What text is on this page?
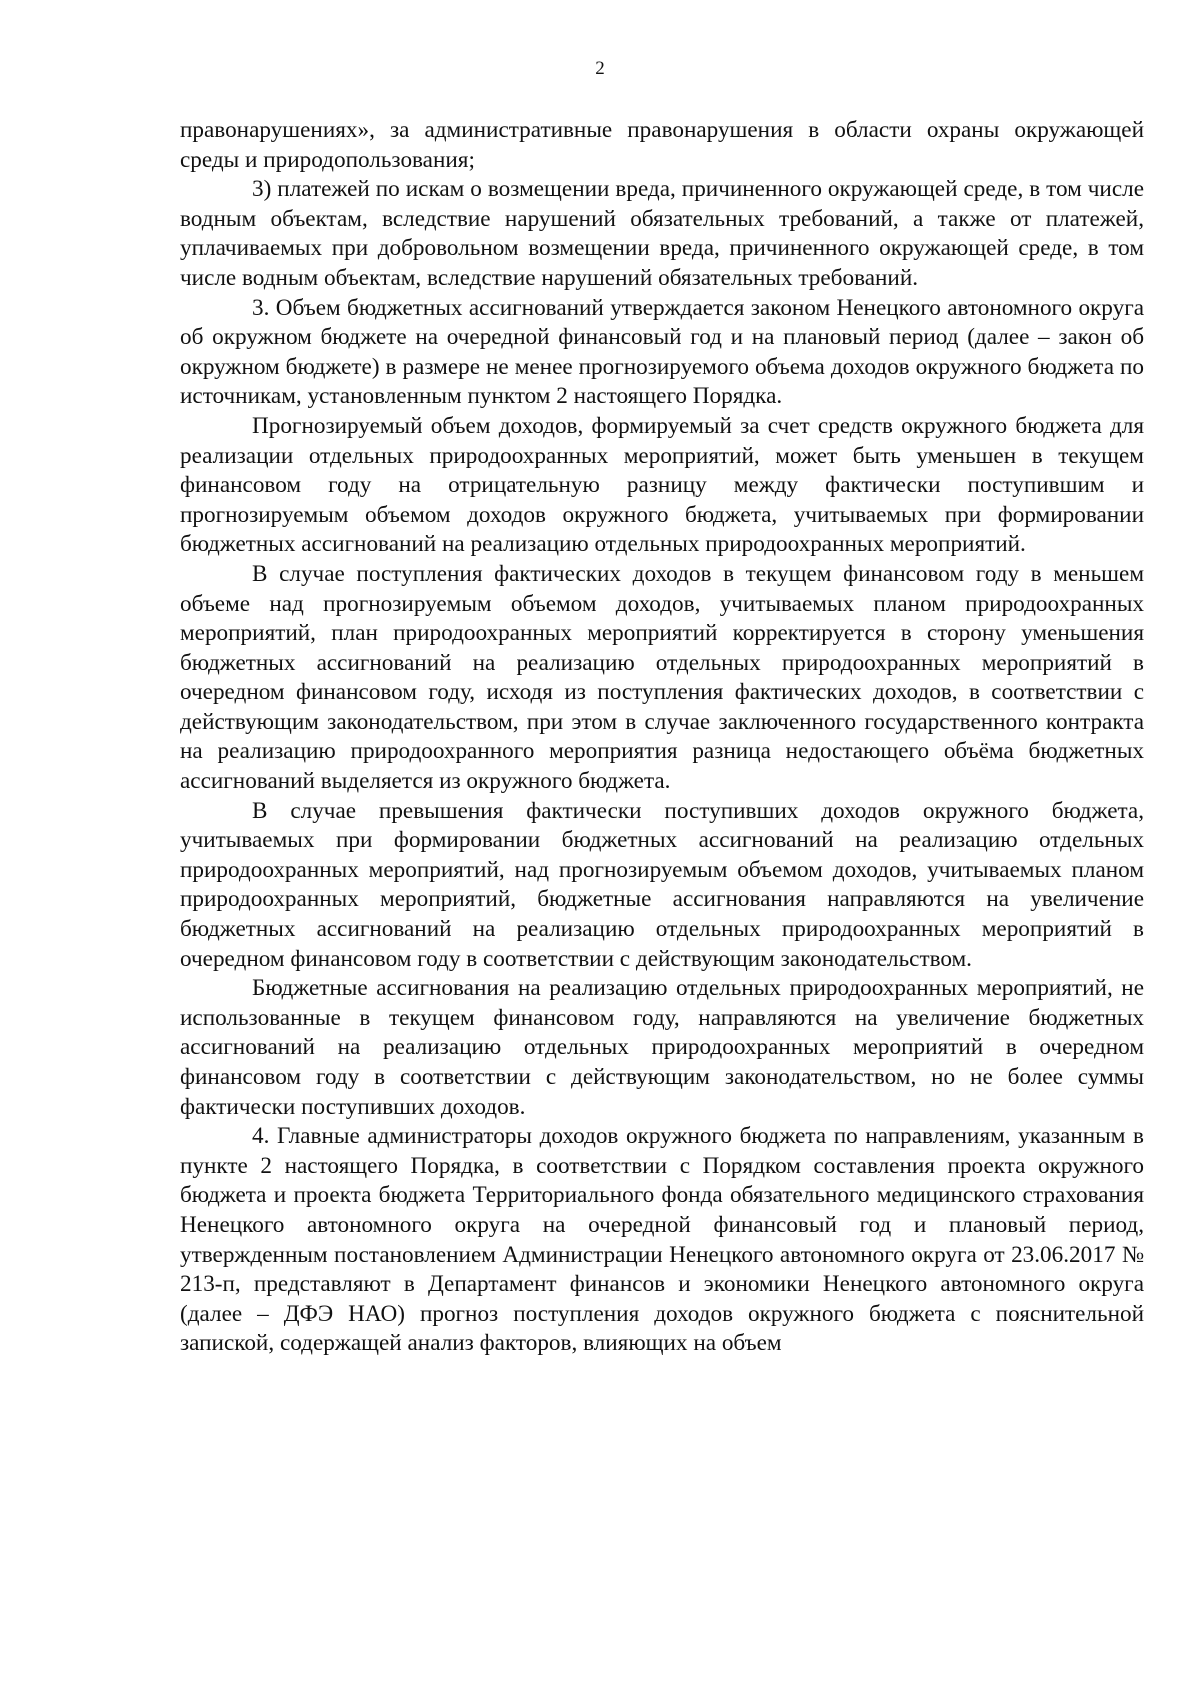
2

правонарушениях», за административные правонарушения в области охраны окружающей среды и природопользования;

3) платежей по искам о возмещении вреда, причиненного окружающей среде, в том числе водным объектам, вследствие нарушений обязательных требований, а также от платежей, уплачиваемых при добровольном возмещении вреда, причиненного окружающей среде, в том числе водным объектам, вследствие нарушений обязательных требований.

3. Объем бюджетных ассигнований утверждается законом Ненецкого автономного округа об окружном бюджете на очередной финансовый год и на плановый период (далее – закон об окружном бюджете) в размере не менее прогнозируемого объема доходов окружного бюджета по источникам, установленным пунктом 2 настоящего Порядка.

Прогнозируемый объем доходов, формируемый за счет средств окружного бюджета для реализации отдельных природоохранных мероприятий, может быть уменьшен в текущем финансовом году на отрицательную разницу между фактически поступившим и прогнозируемым объемом доходов окружного бюджета, учитываемых при формировании бюджетных ассигнований на реализацию отдельных природоохранных мероприятий.

В случае поступления фактических доходов в текущем финансовом году в меньшем объеме над прогнозируемым объемом доходов, учитываемых планом природоохранных мероприятий, план природоохранных мероприятий корректируется в сторону уменьшения бюджетных ассигнований на реализацию отдельных природоохранных мероприятий в очередном финансовом году, исходя из поступления фактических доходов, в соответствии с действующим законодательством, при этом в случае заключенного государственного контракта на реализацию природоохранного мероприятия разница недостающего объёма бюджетных ассигнований выделяется из окружного бюджета.

В случае превышения фактически поступивших доходов окружного бюджета, учитываемых при формировании бюджетных ассигнований на реализацию отдельных природоохранных мероприятий, над прогнозируемым объемом доходов, учитываемых планом природоохранных мероприятий, бюджетные ассигнования направляются на увеличение бюджетных ассигнований на реализацию отдельных природоохранных мероприятий в очередном финансовом году в соответствии с действующим законодательством.

Бюджетные ассигнования на реализацию отдельных природоохранных мероприятий, не использованные в текущем финансовом году, направляются на увеличение бюджетных ассигнований на реализацию отдельных природоохранных мероприятий в очередном финансовом году в соответствии с действующим законодательством, но не более суммы фактически поступивших доходов.

4. Главные администраторы доходов окружного бюджета по направлениям, указанным в пункте 2 настоящего Порядка, в соответствии с Порядком составления проекта окружного бюджета и проекта бюджета Территориального фонда обязательного медицинского страхования Ненецкого автономного округа на очередной финансовый год и плановый период, утвержденным постановлением Администрации Ненецкого автономного округа от 23.06.2017 № 213-п, представляют в Департамент финансов и экономики Ненецкого автономного округа (далее – ДФЭ НАО) прогноз поступления доходов окружного бюджета с пояснительной запиской, содержащей анализ факторов, влияющих на объем
